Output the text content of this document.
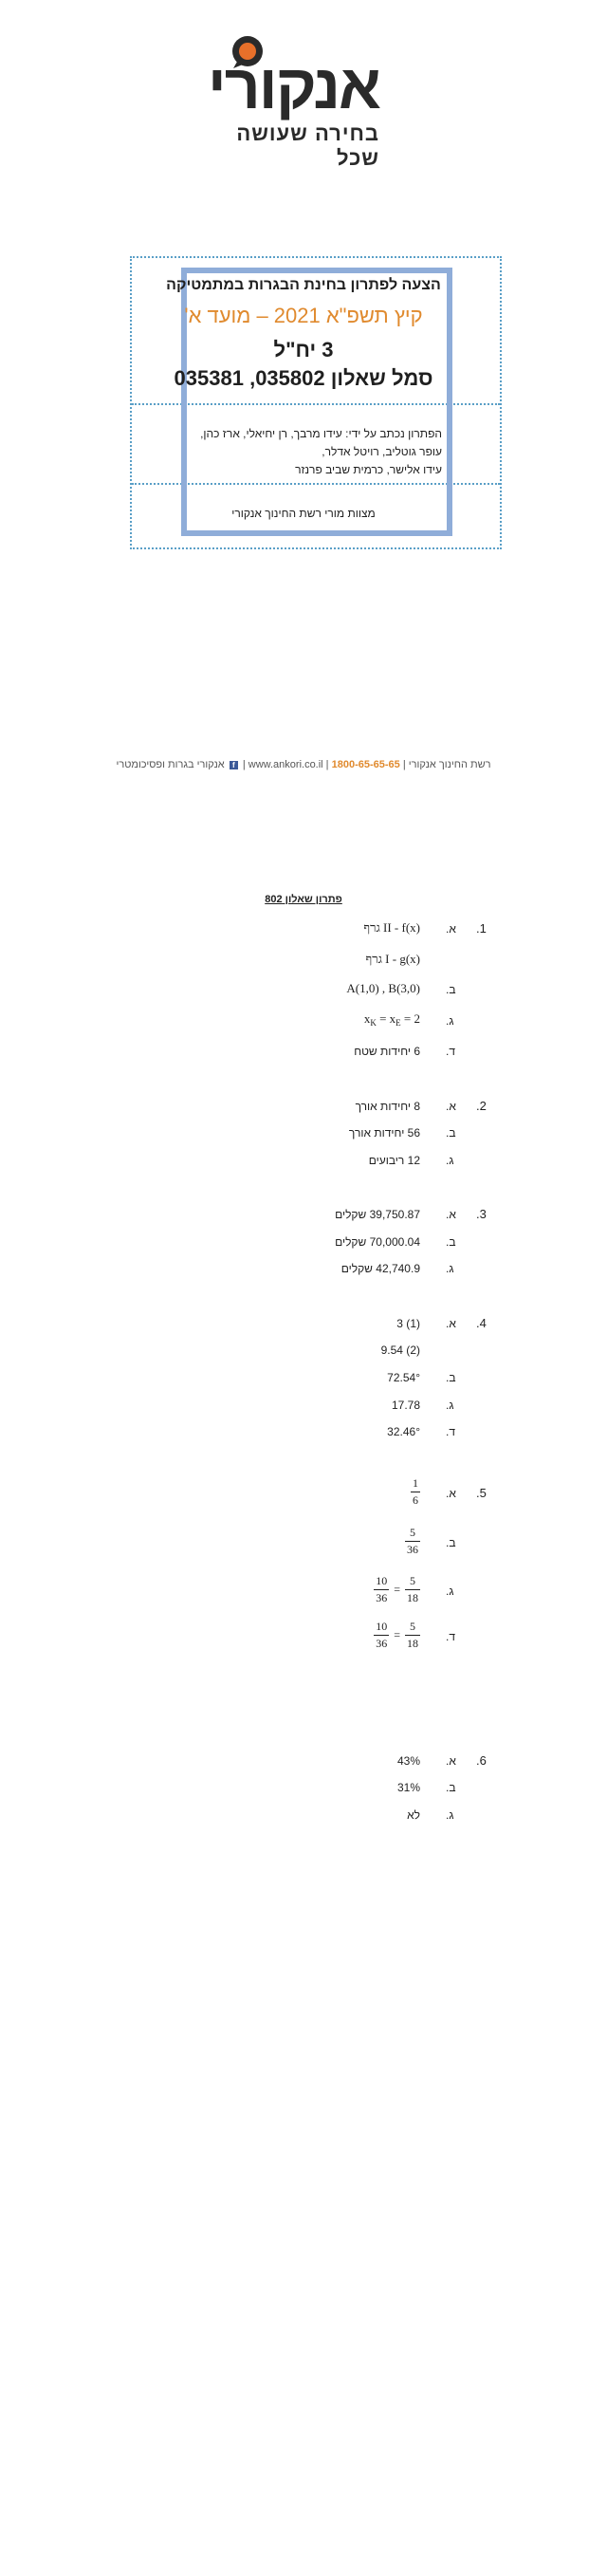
אנקורי
בחירה שעושה שכל
הצעה לפתרון בחינת הבגרות במתמטיקה
קיץ תשפ"א 2021 – מועד א'
3 יח"ל
סמל שאלון 035802, 035381
הפתרון נכתב על ידי: עידו מרבך, רן יחיאלי, ארז כהן,
עופר גוטליב, רויטל אדלר,
עידו אלישר, כרמית שביב פרנזר
מצוות מורי רשת החינוך אנקורי
רשת החינוך אנקורי | 1800-65-65-65 | www.ankori.co.il | f אנקורי בגרות ופסיכומטרי
פתרון שאלון 802
1.
א.
גרף II - f(x)
גרף I - g(x)
ב.
A(1,0) , B(3,0)
ג.
$x_K = x_E = 2$
ד.
6 יחידות שטח
2.
א.
8 יחידות אורך
ב.
56 יחידות אורך
ג.
12 ריבועים
3.
א.
39,750.87 שקלים
ב.
70,000.04 שקלים
ג.
42,740.9 שקלים
4.
א.
(1) 3
(2) 9.54
ב.
72.54°
ג.
17.78
ד.
32.46°
5.
א.
$\frac{1}{6}$
ב.
$\frac{5}{36}$
ג.
$\frac{10}{36} = \frac{5}{18}$
ד.
$\frac{10}{36} = \frac{5}{18}$
6.
א.
43%
ב.
31%
ג.
לא
